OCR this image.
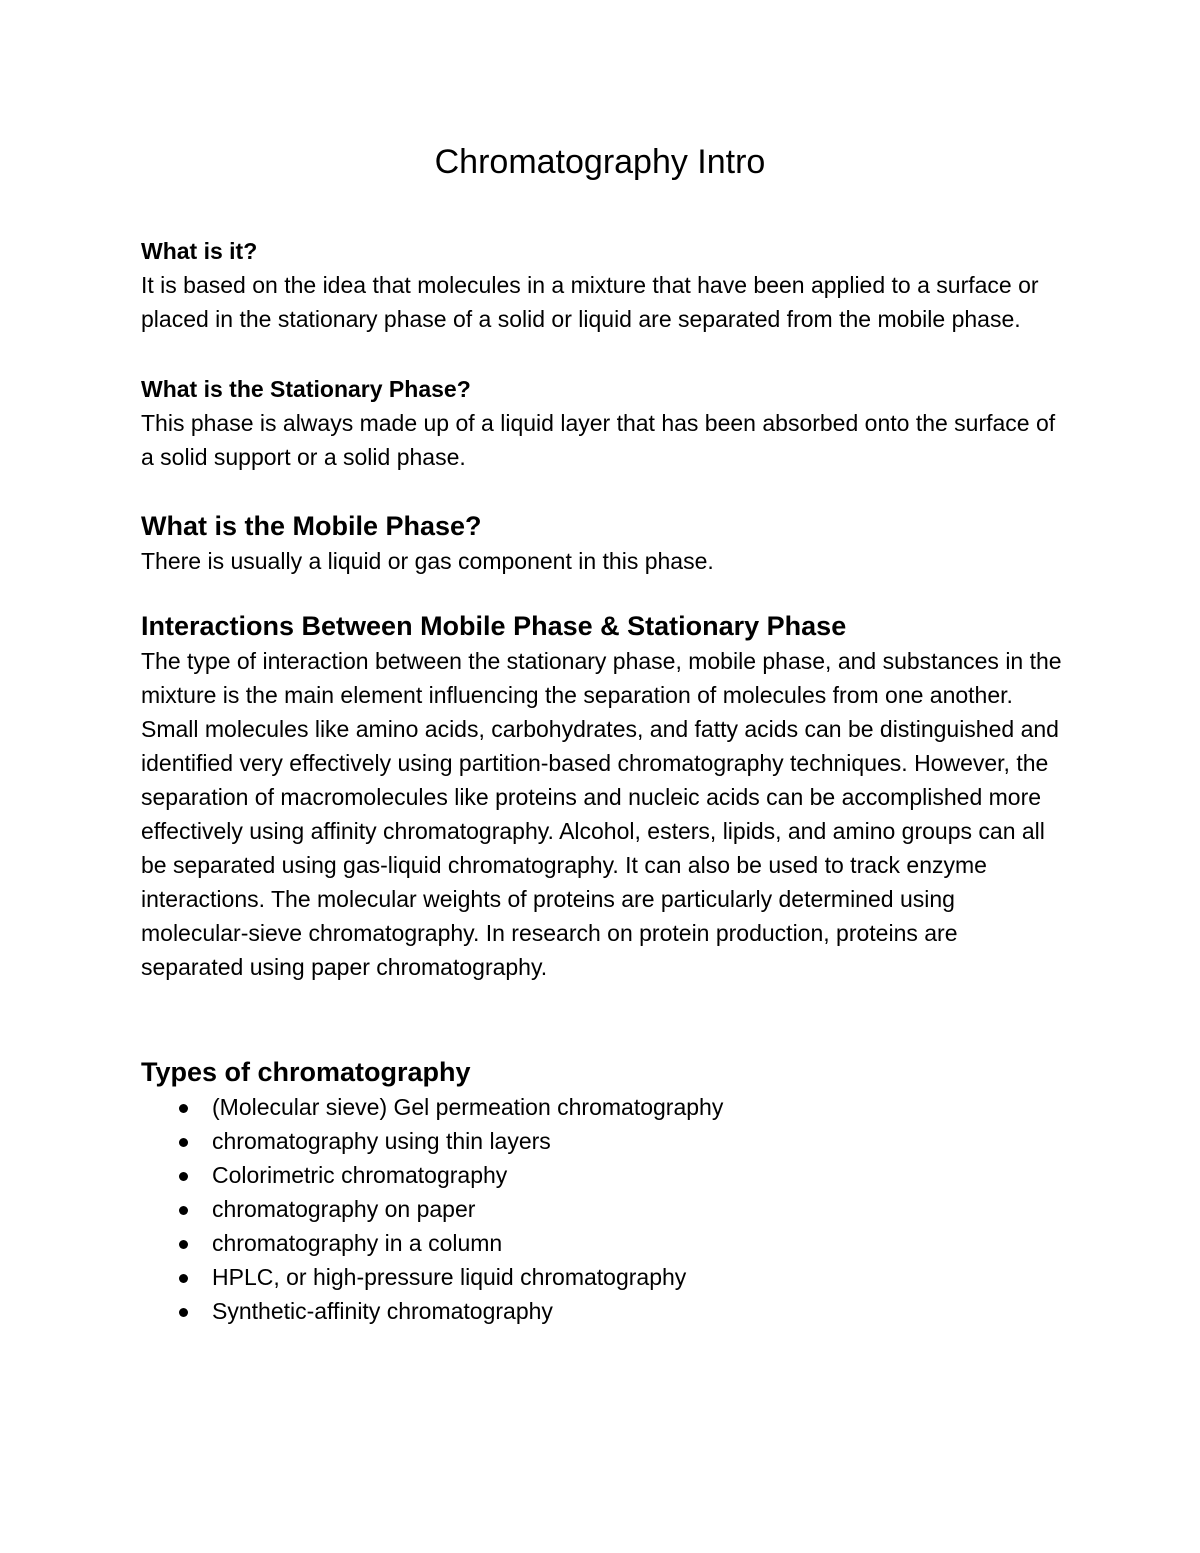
Chromatography Intro

What is it?

It is based on the idea that molecules in a mixture that have been applied to a surface or placed in the stationary phase of a solid or liquid are separated from the mobile phase.

What is the Stationary Phase?

This phase is always made up of a liquid layer that has been absorbed onto the surface of a solid support or a solid phase.

What is the Mobile Phase?

There is usually a liquid or gas component in this phase.

Interactions Between Mobile Phase & Stationary Phase

The type of interaction between the stationary phase, mobile phase, and substances in the mixture is the main element influencing the separation of molecules from one another. Small molecules like amino acids, carbohydrates, and fatty acids can be distinguished and identified very effectively using partition-based chromatography techniques. However, the separation of macromolecules like proteins and nucleic acids can be accomplished more effectively using affinity chromatography. Alcohol, esters, lipids, and amino groups can all be separated using gas-liquid chromatography. It can also be used to track enzyme interactions. The molecular weights of proteins are particularly determined using molecular-sieve chromatography. In research on protein production, proteins are separated using paper chromatography.

Types of chromatography

(Molecular sieve) Gel permeation chromatography
chromatography using thin layers
Colorimetric chromatography
chromatography on paper
chromatography in a column
HPLC, or high-pressure liquid chromatography
Synthetic-affinity chromatography
